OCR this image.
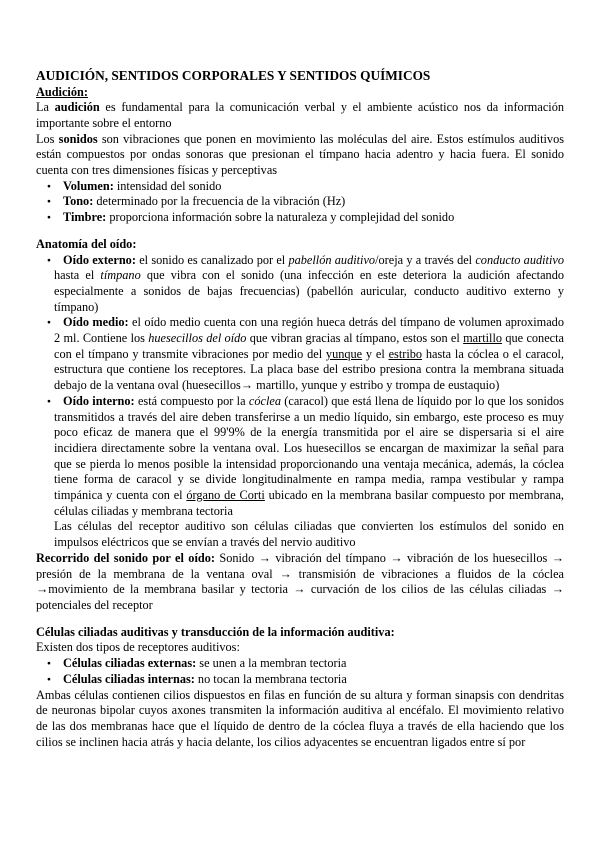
AUDICIÓN, SENTIDOS CORPORALES Y SENTIDOS QUÍMICOS

Audición:

La audición es fundamental para la comunicación verbal y el ambiente acústico nos da información importante sobre el entorno

Los sonidos son vibraciones que ponen en movimiento las moléculas del aire. Estos estímulos auditivos están compuestos por ondas sonoras que presionan el tímpano hacia adentro y hacia fuera. El sonido cuenta con tres dimensiones físicas y perceptivas

● Volumen: intensidad del sonido
● Tono: determinado por la frecuencia de la vibración (Hz)
● Timbre: proporciona información sobre la naturaleza y complejidad del sonido

Anatomía del oído:

● Oído externo: el sonido es canalizado por el pabellón auditivo/oreja y a través del conducto auditivo hasta el tímpano que vibra con el sonido (una infección en este deteriora la audición afectando especialmente a sonidos de bajas frecuencias) (pabellón auricular, conducto auditivo externo y tímpano)
● Oído medio: el oído medio cuenta con una región hueca detrás del tímpano de volumen aproximado 2 ml. Contiene los huesecillos del oído que vibran gracias al tímpano, estos son el martillo que conecta con el tímpano y transmite vibraciones por medio del yunque y el estribo hasta la cóclea o el caracol, estructura que contiene los receptores. La placa base del estribo presiona contra la membrana situada debajo de la ventana oval (huesecillos→ martillo, yunque y estribo y trompa de eustaquio)
● Oído interno: está compuesto por la cóclea (caracol) que está llena de líquido por lo que los sonidos transmitidos a través del aire deben transferirse a un medio líquido, sin embargo, este proceso es muy poco eficaz de manera que el 99'9% de la energía transmitida por el aire se dispersaria si el aire incidiera directamente sobre la ventana oval. Los huesecillos se encargan de maximizar la señal para que se pierda lo menos posible la intensidad proporcionando una ventaja mecánica, además, la cóclea tiene forma de caracol y se divide longitudinalmente en rampa media, rampa vestibular y rampa timpánica y cuenta con el órgano de Corti ubicado en la membrana basilar compuesto por membrana, células ciliadas y membrana tectoria

Las células del receptor auditivo son células ciliadas que convierten los estímulos del sonido en impulsos eléctricos que se envían a través del nervio auditivo

Recorrido del sonido por el oído: Sonido → vibración del tímpano → vibración de los huesecillos → presión de la membrana de la ventana oval → transmisión de vibraciones a fluidos de la cóclea →movimiento de la membrana basilar y tectoria → curvación de los cilios de las células ciliadas → potenciales del receptor

Células ciliadas auditivas y transducción de la información auditiva:

Existen dos tipos de receptores auditivos:

● Células ciliadas externas: se unen a la membran tectoria
● Células ciliadas internas: no tocan la membrana tectoria

Ambas células contienen cilios dispuestos en filas en función de su altura y forman sinapsis con dendritas de neuronas bipolar cuyos axones transmiten la información auditiva al encéfalo. El movimiento relativo de las dos membranas hace que el líquido de dentro de la cóclea fluya a través de ella haciendo que los cilios se inclinen hacia atrás y hacia delante, los cilios adyacentes se encuentran ligados entre sí por
